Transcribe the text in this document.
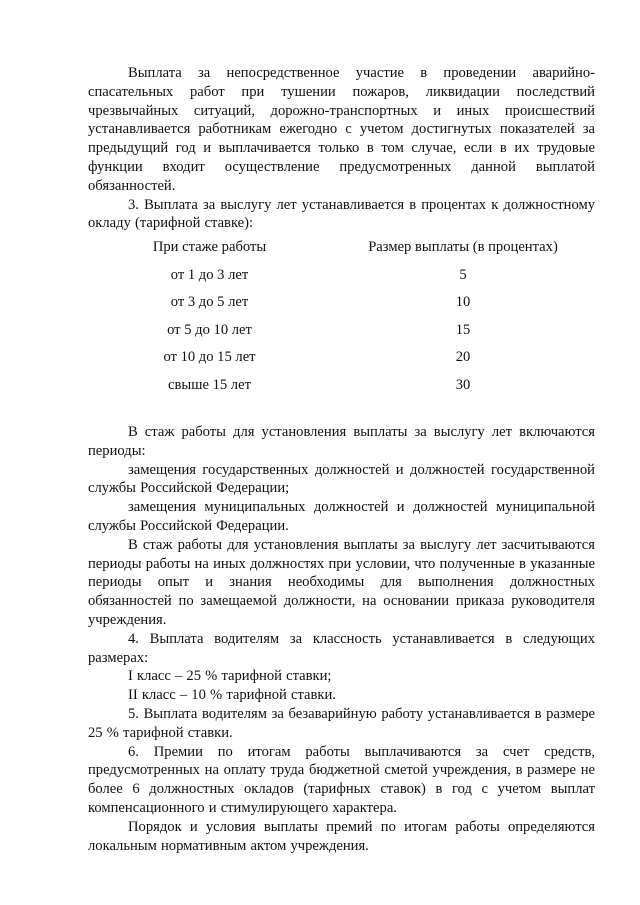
Выплата за непосредственное участие в проведении аварийно-спасательных работ при тушении пожаров, ликвидации последствий чрезвычайных ситуаций, дорожно-транспортных и иных происшествий устанавливается работникам ежегодно с учетом достигнутых показателей за предыдущий год и выплачивается только в том случае, если в их трудовые функции входит осуществление предусмотренных данной выплатой обязанностей.

3. Выплата за выслугу лет устанавливается в процентах к должностному окладу (тарифной ставке):

При стаже работы	Размер выплаты (в процентах)
от 1 до 3 лет	5
от 3 до 5 лет	10
от 5 до 10 лет	15
от 10 до 15 лет	20
свыше 15 лет	30

В стаж работы для установления выплаты за выслугу лет включаются периоды:

замещения государственных должностей и должностей государственной службы Российской Федерации;

замещения муниципальных должностей и должностей муниципальной службы Российской Федерации.

В стаж работы для установления выплаты за выслугу лет засчитываются периоды работы на иных должностях при условии, что полученные в указанные периоды опыт и знания необходимы для выполнения должностных обязанностей по замещаемой должности, на основании приказа руководителя учреждения.

4. Выплата водителям за классность устанавливается в следующих размерах:

I класс – 25 % тарифной ставки;

II класс – 10 % тарифной ставки.

5. Выплата водителям за безаварийную работу устанавливается в размере 25 % тарифной ставки.

6. Премии по итогам работы выплачиваются за счет средств, предусмотренных на оплату труда бюджетной сметой учреждения, в размере не более 6 должностных окладов (тарифных ставок) в год с учетом выплат компенсационного и стимулирующего характера.

Порядок и условия выплаты премий по итогам работы определяются локальным нормативным актом учреждения.
